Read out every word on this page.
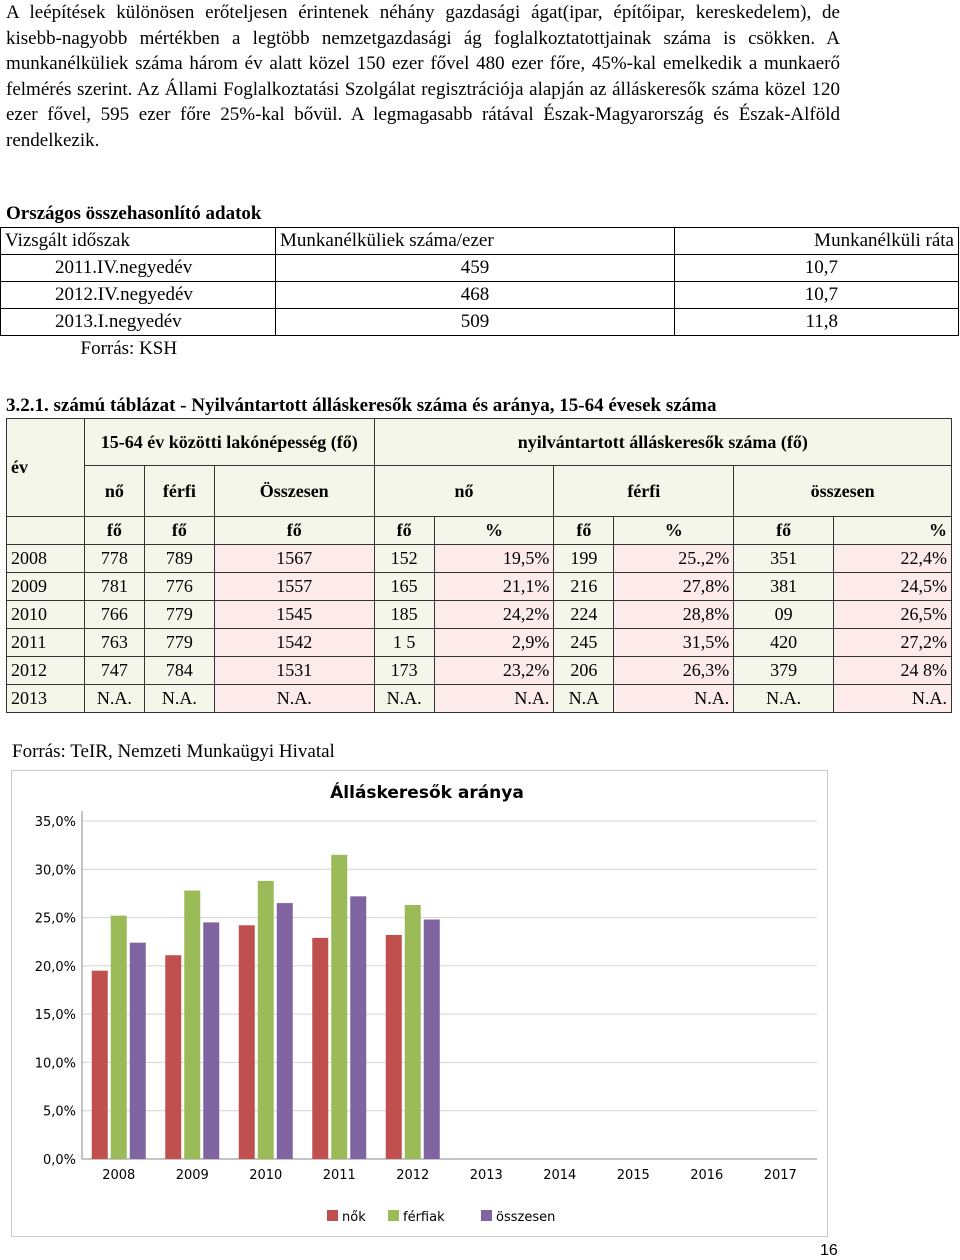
A leépítések különösen erőteljesen érintenek néhány gazdasági ágat(ipar, építőipar, kereskedelem), de kisebb-nagyobb mértékben a legtöbb nemzetgazdasági ág foglalkoztatottjainak száma is csökken. A munkanélküliek száma három év alatt közel 150 ezer fővel 480 ezer főre, 45%-kal emelkedik a munkaerő felmérés szerint. Az Állami Foglalkoztatási Szolgálat regisztrációja alapján az álláskeresők száma közel 120 ezer fővel, 595 ezer főre 25%-kal bővül. A legmagasabb rátával Észak-Magyarország és Észak-Alföld rendelkezik.

Országos összehasonlító adatok
Vizsgált időszak	Munkanélküliek száma/ezer	Munkanélküli ráta
2011.IV.negyedév	459	10,7
2012.IV.negyedév	468	10,7
2013.I.negyedév	509	11,8
Forrás: KSH		
3.2.1. számú táblázat - Nyilvántartott álláskeresők száma és aránya, 15-64 évesek száma
év	15-64 év közötti lakónépesség (fő)			nyilvántartott álláskeresők száma (fő)					
	nő	férfi	Összesen	nő		férfi		összesen	
	fő	fő	fő	fő	%	fő	%	fő	%
2008	778	789	1567	152	19,5%	199	25.,2%	351	22,4%
2009	781	776	1557	165	21,1%	216	27,8%	381	24,5%
2010	766	779	1545	185	24,2%	224	28,8%	09	26,5%
2011	763	779	1542	1 5	2,9%	245	31,5%	420	27,2%
2012	747	784	1531	173	23,2%	206	26,3%	379	24 8%
2013	N.A.	N.A.	N.A.	N.A.	N.A.	N.A	N.A.	N.A.	N.A.
Forrás: TeIR, Nemzeti Munkaügyi Hivatal
Álláskeresők aránya
0,0%
5,0%
10,0%
15,0%
20,0%
25,0%
30,0%
35,0%
2008	2009	2010	2011	2012	2013	2014	2015	2016	2017
nők	férfiak	összesen
16
